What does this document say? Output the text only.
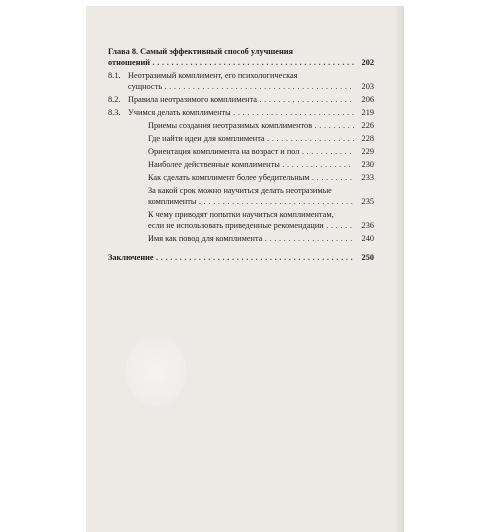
Глава 8. Самый эффективный способ улучшения
отношений . . .	202
8.1. Неотразимый комплимент, его психологическая
сущность . . .	203
8.2. Правила неотразимого комплимента . . .	206
8.3. Учимся делать комплименты . . .	219
Приемы создания неотразимых комплиментов . . .	226
Где найти идеи для комплимента . . .	228
Ориентация комплимента на возраст и пол . . .	229
Наиболее действенные комплименты . . .	230
Как сделать комплимент более убедительным . . .	233
За какой срок можно научиться делать неотразимые
комплименты . . .	235
К чему приводят попытки научиться комплиментам,
если не использовать приведенные рекомендации . . .	236
Имя как повод для комплимента . . .	240
Заключение . . .	250
